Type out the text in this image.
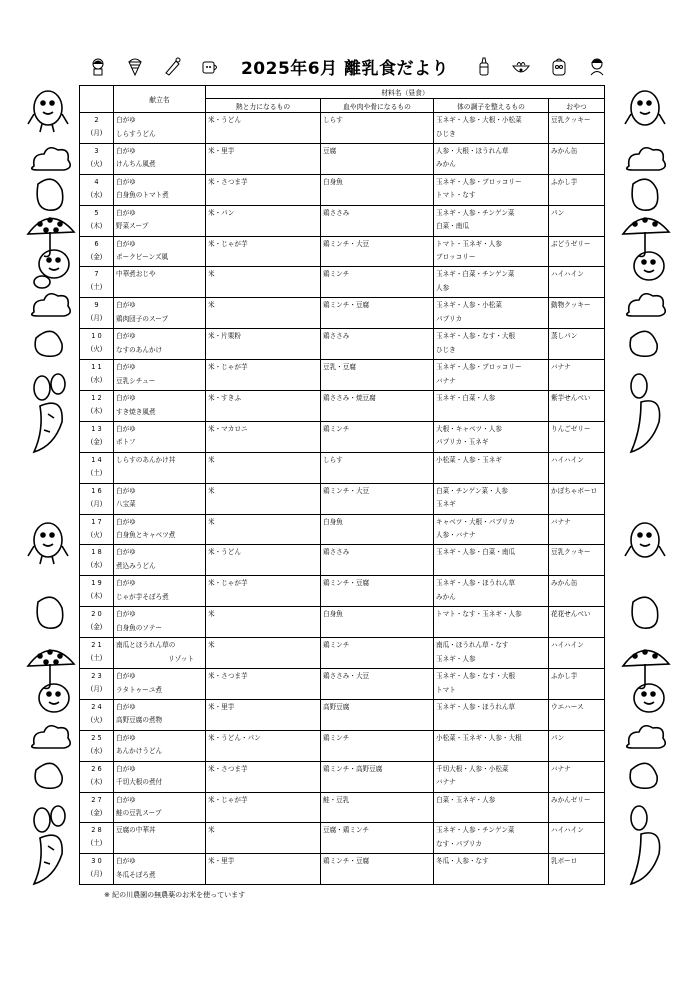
2025年6月 離乳食だより
	献立名	材料名（昼食）			
		熱と力になるもの	血や肉や骨になるもの	体の調子を整えるもの	おやつ

2
(月)	白がゆ
しらすうどん	米・うどん	しらす	玉ネギ・人参・大根・小松菜
ひじき	豆乳クッキー

3
(火)	白がゆ
けんちん風煮	米・里芋	豆腐	人参・大根・ほうれん草
みかん	みかん缶

4
(水)	白がゆ
白身魚のトマト煮	米・さつま芋	白身魚	玉ネギ・人参・ブロッコリー
トマト・なす	ふかし芋

5
(木)	白がゆ
野菜スープ	米・パン	鶏ささみ	玉ネギ・人参・チンゲン菜
白菜・南瓜	パン

6
(金)	白がゆ
ポークビーンズ風	米・じゃが芋	鶏ミンチ・大豆	トマト・玉ネギ・人参
ブロッコリー	ぶどうゼリー

7
(土)	中華煮おじや	米	鶏ミンチ	玉ネギ・白菜・チンゲン菜
人参	ハイハイン

9
(月)	白がゆ
鶏肉団子のスープ	米	鶏ミンチ・豆腐	玉ネギ・人参・小松菜
パプリカ	動物クッキー

1 0
(火)	白がゆ
なすのあんかけ	米・片栗粉	鶏ささみ	玉ネギ・人参・なす・大根
ひじき	蒸しパン

1 1
(水)	白がゆ
豆乳シチュー	米・じゃが芋	豆乳・豆腐	玉ネギ・人参・ブロッコリー
バナナ	バナナ

1 2
(木)	白がゆ
すき焼き風煮	米・すきふ	鶏ささみ・焼豆腐	玉ネギ・白菜・人参	紫芋せんべい

1 3
(金)	白がゆ
ポトフ	米・マカロニ	鶏ミンチ	大根・キャベツ・人参
パプリカ・玉ネギ	りんごゼリー

1 4
(土)	しらすのあんかけ丼	米	しらす	小松菜・人参・玉ネギ	ハイハイン

1 6
(月)	白がゆ
八宝菜	米	鶏ミンチ・大豆	白菜・チンゲン菜・人参
玉ネギ	かぼちゃボーロ

1 7
(火)	白がゆ
白身魚とキャベツ煮	米	白身魚	キャベツ・大根・パプリカ
人参・バナナ	バナナ

1 8
(水)	白がゆ
煮込みうどん	米・うどん	鶏ささみ	玉ネギ・人参・白菜・南瓜	豆乳クッキー

1 9
(木)	白がゆ
じゃが芋そぼろ煮	米・じゃが芋	鶏ミンチ・豆腐	玉ネギ・人参・ほうれん草
みかん	みかん缶

2 0
(金)	白がゆ
白身魚のソテー	米	白身魚	トマト・なす・玉ネギ・人参	花花せんべい

2 1
(土)	南瓜とほうれん草の
リゾット	米	鶏ミンチ	南瓜・ほうれん草・なす
玉ネギ・人参	ハイハイン

2 3
(月)	白がゆ
ラタトゥーユ煮	米・さつま芋	鶏ささみ・大豆	玉ネギ・人参・なす・大根
トマト	ふかし芋

2 4
(火)	白がゆ
高野豆腐の煮物	米・里芋	高野豆腐	玉ネギ・人参・ほうれん草	ウエハース

2 5
(水)	白がゆ
あんかけうどん	米・うどん・パン	鶏ミンチ	小松菜・玉ネギ・人参・大根	パン

2 6
(木)	白がゆ
千切大根の煮付	米・さつま芋	鶏ミンチ・高野豆腐	千切大根・人参・小松菜
バナナ	バナナ

2 7
(金)	白がゆ
鮭の豆乳スープ	米・じゃが芋	鮭・豆乳	白菜・玉ネギ・人参	みかんゼリー

2 8
(土)	豆腐の中華丼	米	豆腐・鶏ミンチ	玉ネギ・人参・チンゲン菜
なす・パプリカ	ハイハイン

3 0
(月)	白がゆ
冬瓜そぼろ煮	米・里芋	鶏ミンチ・豆腐	冬瓜・人参・なす	乳ボーロ
※ 紀の川農園の無農薬のお米を使っています
